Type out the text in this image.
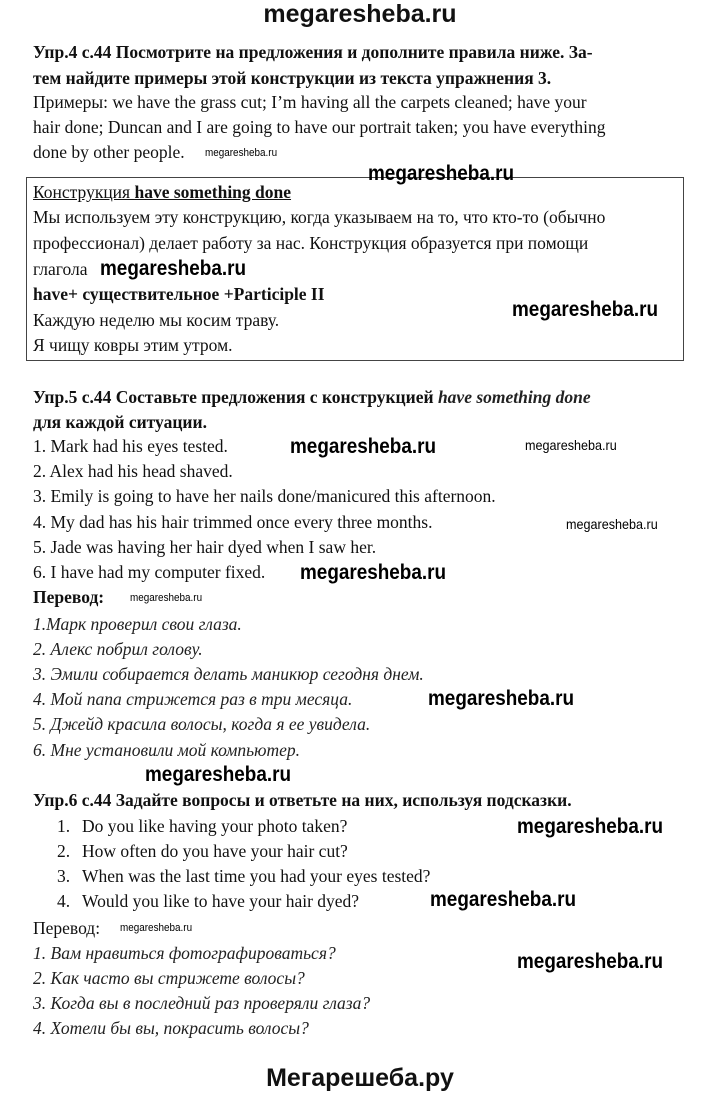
megaresheba.ru
Упр.4 с.44 Посмотрите на предложения и дополните правила ниже. За-
тем найдите примеры этой конструкции из текста упражнения 3.
Примеры: we have the grass cut; I’m having all the carpets cleaned; have your
hair done; Duncan and I are going to have our portrait taken; you have everything
done by other people.
Конструкция have something done
Мы используем эту конструкцию, когда указываем на то, что кто-то (обычно
профессионал) делает работу за нас. Конструкция образуется при помощи
глагола
have+ существительное +Participle II
Каждую неделю мы косим траву.
Я чищу ковры этим утром.
Упр.5 с.44 Составьте предложения с конструкцией have something done
для каждой ситуации.
1. Mark had his eyes tested.
2. Alex had his head shaved.
3. Emily is going to have her nails done/manicured this afternoon.
4. My dad has his hair trimmed once every three months.
5. Jade was having her hair dyed when I saw her.
6. I have had my computer fixed.
Перевод:
1.Марк проверил свои глаза.
2. Алекс побрил голову.
3. Эмили собирается делать маникюр сегодня днем.
4. Мой папа стрижется раз в три месяца.
5. Джейд красила волосы, когда я ее увидела.
6. Мне установили мой компьютер.
Упр.6 с.44 Задайте вопросы и ответьте на них, используя подсказки.
1. Do you like having your photo taken?
2. How often do you have your hair cut?
3. When was the last time you had your eyes tested?
4. Would you like to have your hair dyed?
Перевод:
1. Вам нравиться фотографироваться?
2. Как часто вы стрижете волосы?
3. Когда вы в последний раз проверяли глаза?
4. Хотели бы вы, покрасить волосы?
Мегарешеба.ру
megaresheba.ru
megaresheba.ru
megaresheba.ru
megaresheba.ru
megaresheba.ru	megaresheba.ru
megaresheba.ru
megaresheba.ru
megaresheba.ru
megaresheba.ru
megaresheba.ru
megaresheba.ru
megaresheba.ru
megaresheba.ru
megaresheba.ru
